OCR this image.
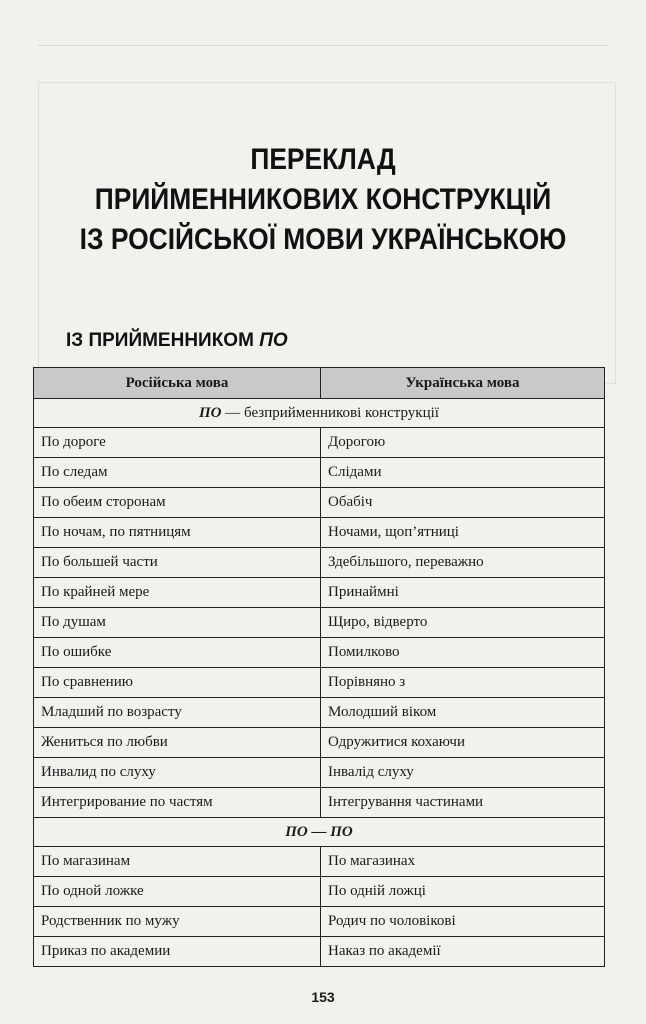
ПЕРЕКЛАД
ПРИЙМЕННИКОВИХ КОНСТРУКЦІЙ
ІЗ РОСІЙСЬКОЇ МОВИ УКРАЇНСЬКОЮ
ІЗ ПРИЙМЕННИКОМ ПО
Російська мова	Українська мова
ПО — безприйменникові конструкції	
По дороге	Дорогою
По следам	Слідами
По обеим сторонам	Обабіч
По ночам, по пятницям	Ночами, щоп’ятниці
По большей части	Здебільшого, переважно
По крайней мере	Принаймні
По душам	Щиро, відверто
По ошибке	Помилково
По сравнению	Порівняно з
Младший по возрасту	Молодший віком
Жениться по любви	Одружитися кохаючи
Инвалид по слуху	Інвалід слуху
Интегрирование по частям	Інтегрування частинами
ПО — ПО	
По магазинам	По магазинах
По одной ложке	По одній ложці
Родственник по мужу	Родич по чоловікові
Приказ по академии	Наказ по академії
153
